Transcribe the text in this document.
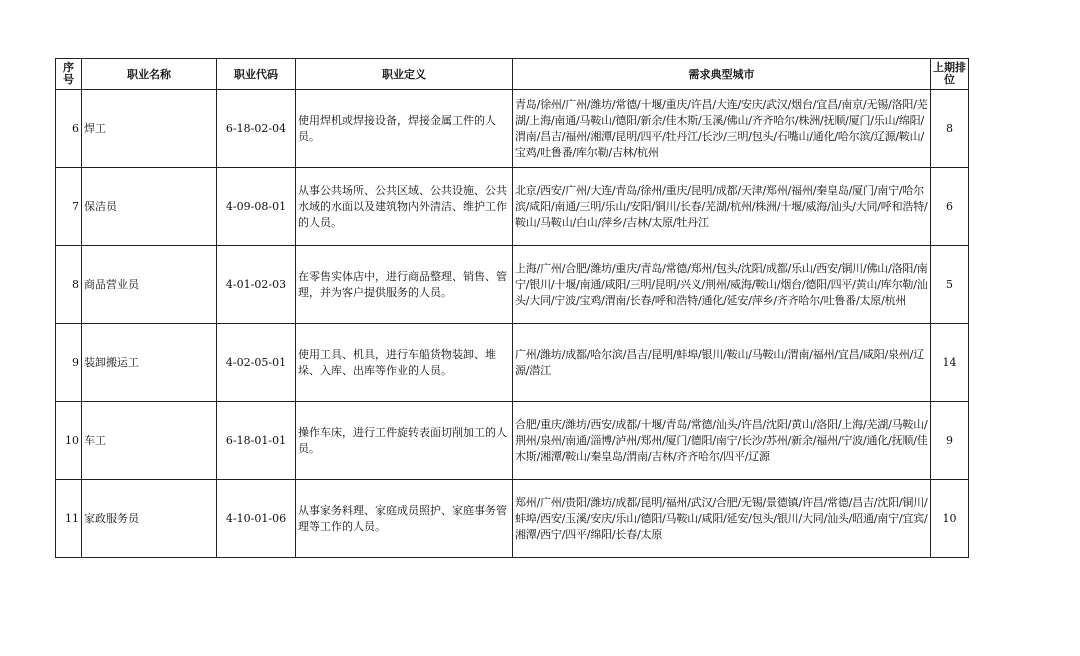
序号	职业名称	职业代码	职业定义	需求典型城市	上期排位
6	焊工	6-18-02-04	使用焊机或焊接设备，焊接金属工件的人员。	青岛/徐州/广州/潍坊/常德/十堰/重庆/许昌/大连/安庆/武汉/烟台/宜昌/南京/无锡/洛阳/芜湖/上海/南通/马鞍山/德阳/新余/佳木斯/玉溪/佛山/齐齐哈尔/株洲/抚顺/厦门/乐山/绵阳/渭南/昌吉/福州/湘潭/昆明/四平/牡丹江/长沙/三明/包头/石嘴山/通化/哈尔滨/辽源/鞍山/宝鸡/吐鲁番/库尔勒/吉林/杭州	8
7	保洁员	4-09-08-01	从事公共场所、公共区域、公共设施、公共水域的水面以及建筑物内外清洁、维护工作的人员。	北京/西安/广州/大连/青岛/徐州/重庆/昆明/成都/天津/郑州/福州/秦皇岛/厦门/南宁/哈尔滨/咸阳/南通/三明/乐山/安阳/铜川/长春/芜湖/杭州/株洲/十堰/威海/汕头/大同/呼和浩特/鞍山/马鞍山/白山/萍乡/吉林/太原/牡丹江	6
8	商品营业员	4-01-02-03	在零售实体店中，进行商品整理、销售、管理，并为客户提供服务的人员。	上海/广州/合肥/潍坊/重庆/青岛/常德/郑州/包头/沈阳/成都/乐山/西安/铜川/佛山/洛阳/南宁/银川/十堰/南通/咸阳/三明/昆明/兴义/荆州/威海/鞍山/烟台/德阳/四平/黄山/库尔勒/汕头/大同/宁波/宝鸡/渭南/长春/呼和浩特/通化/延安/萍乡/齐齐哈尔/吐鲁番/太原/杭州	5
9	装卸搬运工	4-02-05-01	使用工具、机具，进行车船货物装卸、堆垛、入库、出库等作业的人员。	广州/潍坊/成都/哈尔滨/昌吉/昆明/蚌埠/银川/鞍山/马鞍山/渭南/福州/宜昌/咸阳/泉州/辽源/潜江	14
10	车工	6-18-01-01	操作车床，进行工件旋转表面切削加工的人员。	合肥/重庆/潍坊/西安/成都/十堰/青岛/常德/汕头/许昌/沈阳/黄山/洛阳/上海/芜湖/马鞍山/荆州/泉州/南通/淄博/泸州/郑州/厦门/德阳/南宁/长沙/苏州/新余/福州/宁波/通化/抚顺/佳木斯/湘潭/鞍山/秦皇岛/渭南/吉林/齐齐哈尔/四平/辽源	9
11	家政服务员	4-10-01-06	从事家务料理、家庭成员照护、家庭事务管理等工作的人员。	郑州/广州/贵阳/潍坊/成都/昆明/福州/武汉/合肥/无锡/景德镇/许昌/常德/昌吉/沈阳/铜川/蚌埠/西安/玉溪/安庆/乐山/德阳/马鞍山/咸阳/延安/包头/银川/大同/汕头/昭通/南宁/宜宾/湘潭/西宁/四平/绵阳/长春/太原	10
